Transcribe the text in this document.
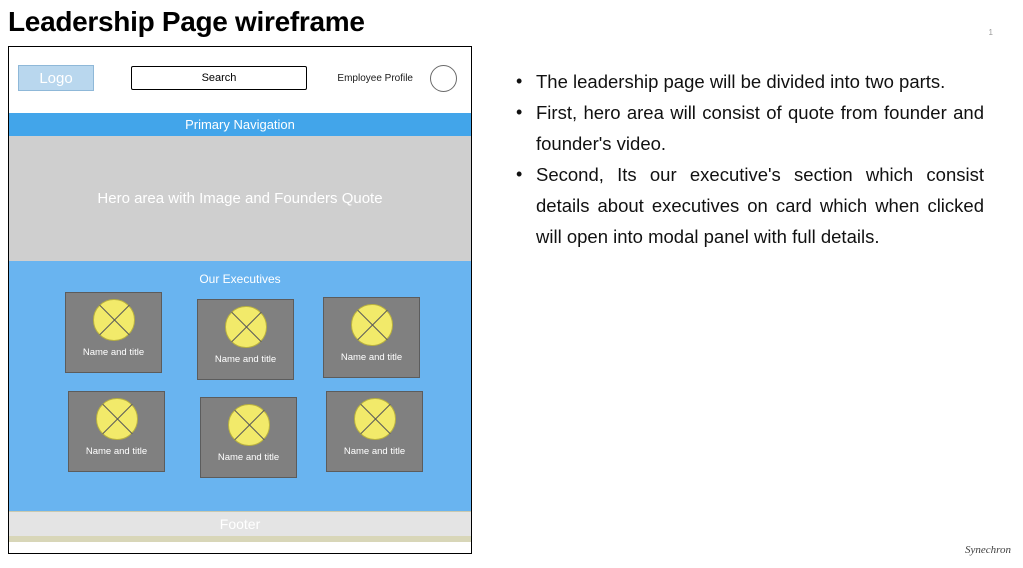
Leadership Page wireframe	1
Synechron
Logo	Search	Employee Profile
Primary Navigation
Hero area with Image and Founders Quote
Our Executives
Name and title
Name and title	Name and title
Name and title
Name and title
Name and title
Footer
• The leadership page will be divided into two parts.
• First, hero area will consist of quote from founder and founder's video.
• Second, Its our executive's section which consist details about executives on card which when clicked will open into modal panel with full details.
